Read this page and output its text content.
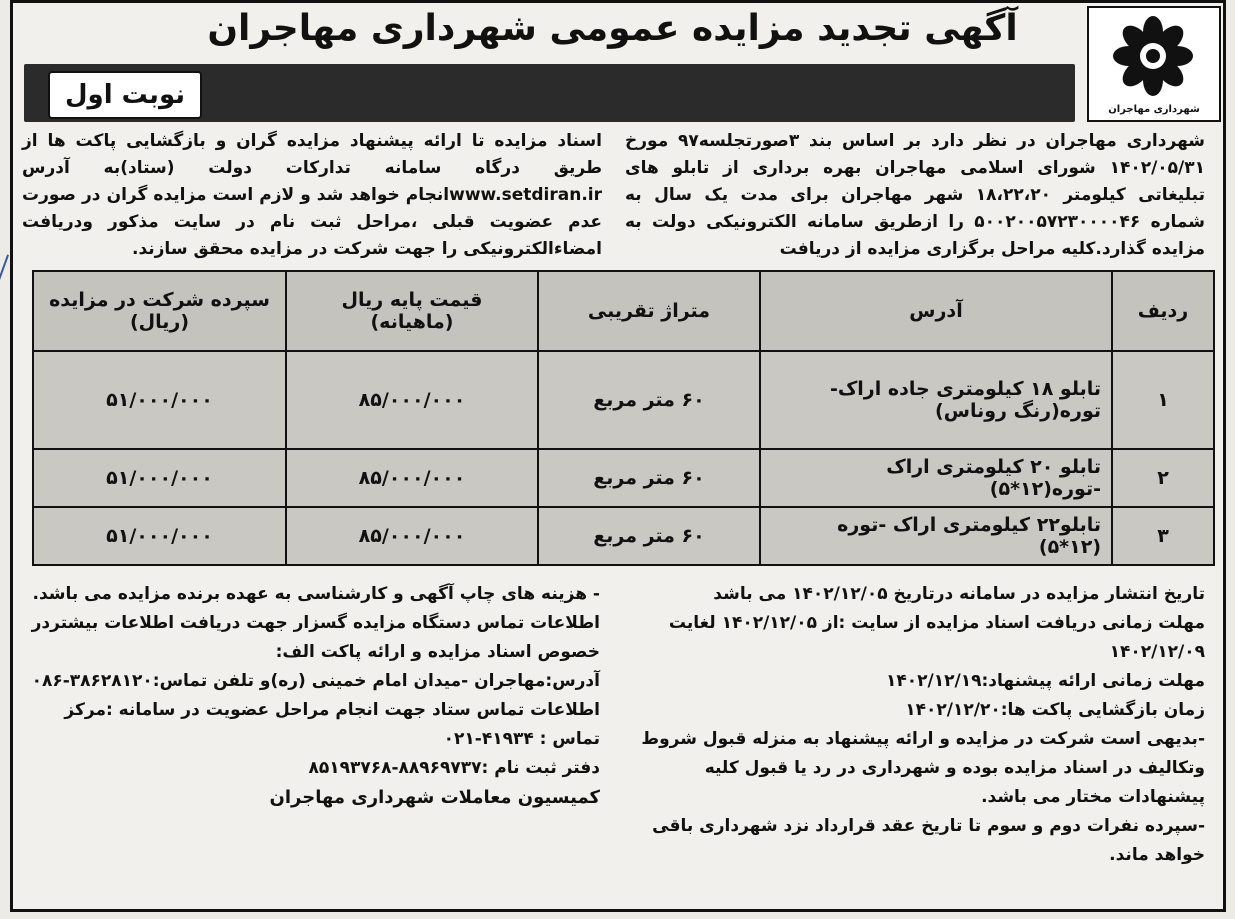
شهرداری مهاجران
آگهی تجدید مزایده عمومی شهرداری مهاجران
نوبت اول
شهرداری مهاجران در نظر دارد بر اساس بند ۳صورتجلسه۹۷ مورخ ۱۴۰۲/۰۵/۳۱ شورای اسلامی مهاجران بهره برداری از تابلو های تبلیغاتی کیلومتر ۱۸،۲۲،۲۰ شهر مهاجران برای مدت یک سال به شماره ۵۰۰۲۰۰۵۷۲۳۰۰۰۰۴۶ را ازطریق سامانه الکترونیکی دولت به مزایده گذارد.کلیه مراحل برگزاری مزایده از دریافت
اسناد مزایده تا ارائه پیشنهاد مزایده گران و بازگشایی پاکت ها از طریق درگاه سامانه تدارکات دولت (ستاد)به آدرس www.setdiran.irانجام خواهد شد و لازم است مزایده گران در صورت عدم عضویت قبلی ،مراحل ثبت نام در سایت مذکور ودریافت امضاءالکترونیکی را جهت شرکت در مزایده محقق سازند.
ردیف	آدرس	متراژ تقریبی	قیمت پایه ریال (ماهیانه)	سپرده شرکت در مزایده (ریال)
۱	تابلو ۱۸ کیلومتری جاده اراک-توره(رنگ روناس)	۶۰ متر مربع	۸۵/۰۰۰/۰۰۰	۵۱/۰۰۰/۰۰۰
۲	تابلو ۲۰ کیلومتری اراک -توره(۱۲*۵)	۶۰ متر مربع	۸۵/۰۰۰/۰۰۰	۵۱/۰۰۰/۰۰۰
۳	تابلو۲۲ کیلومتری اراک -توره (۱۲*۵)	۶۰ متر مربع	۸۵/۰۰۰/۰۰۰	۵۱/۰۰۰/۰۰۰

تاریخ انتشار مزایده در سامانه درتاریخ ۱۴۰۲/۱۲/۰۵ می باشد

مهلت زمانی دریافت اسناد مزایده از سایت :از ۱۴۰۲/۱۲/۰۵ لغایت ۱۴۰۲/۱۲/۰۹

مهلت زمانی ارائه پیشنهاد:۱۴۰۲/۱۲/۱۹

زمان بازگشایی پاکت ها:۱۴۰۲/۱۲/۲۰

-بدیهی است شرکت در مزایده و ارائه پیشنهاد به منزله قبول شروط وتکالیف در اسناد مزایده بوده و شهرداری در رد یا قبول کلیه پیشنهادات مختار می باشد.

-سپرده نفرات دوم و سوم تا تاریخ عقد قرارداد نزد شهرداری باقی خواهد ماند.

- هزینه های چاپ آگهی و کارشناسی به عهده برنده مزایده می باشد.

اطلاعات تماس دستگاه مزایده گسزار جهت دریافت اطلاعات بیشتردر خصوص اسناد مزایده و ارائه پاکت الف:

آدرس:مهاجران -میدان امام خمینی (ره)و تلفن تماس:۳۸۶۲۸۱۲۰-۰۸۶

اطلاعات تماس ستاد جهت انجام مراحل عضویت در سامانه :مرکز تماس : ۴۱۹۳۴-۰۲۱

دفتر ثبت نام :۸۸۹۶۹۷۳۷-۸۵۱۹۳۷۶۸

کمیسیون معاملات شهرداری مهاجران
